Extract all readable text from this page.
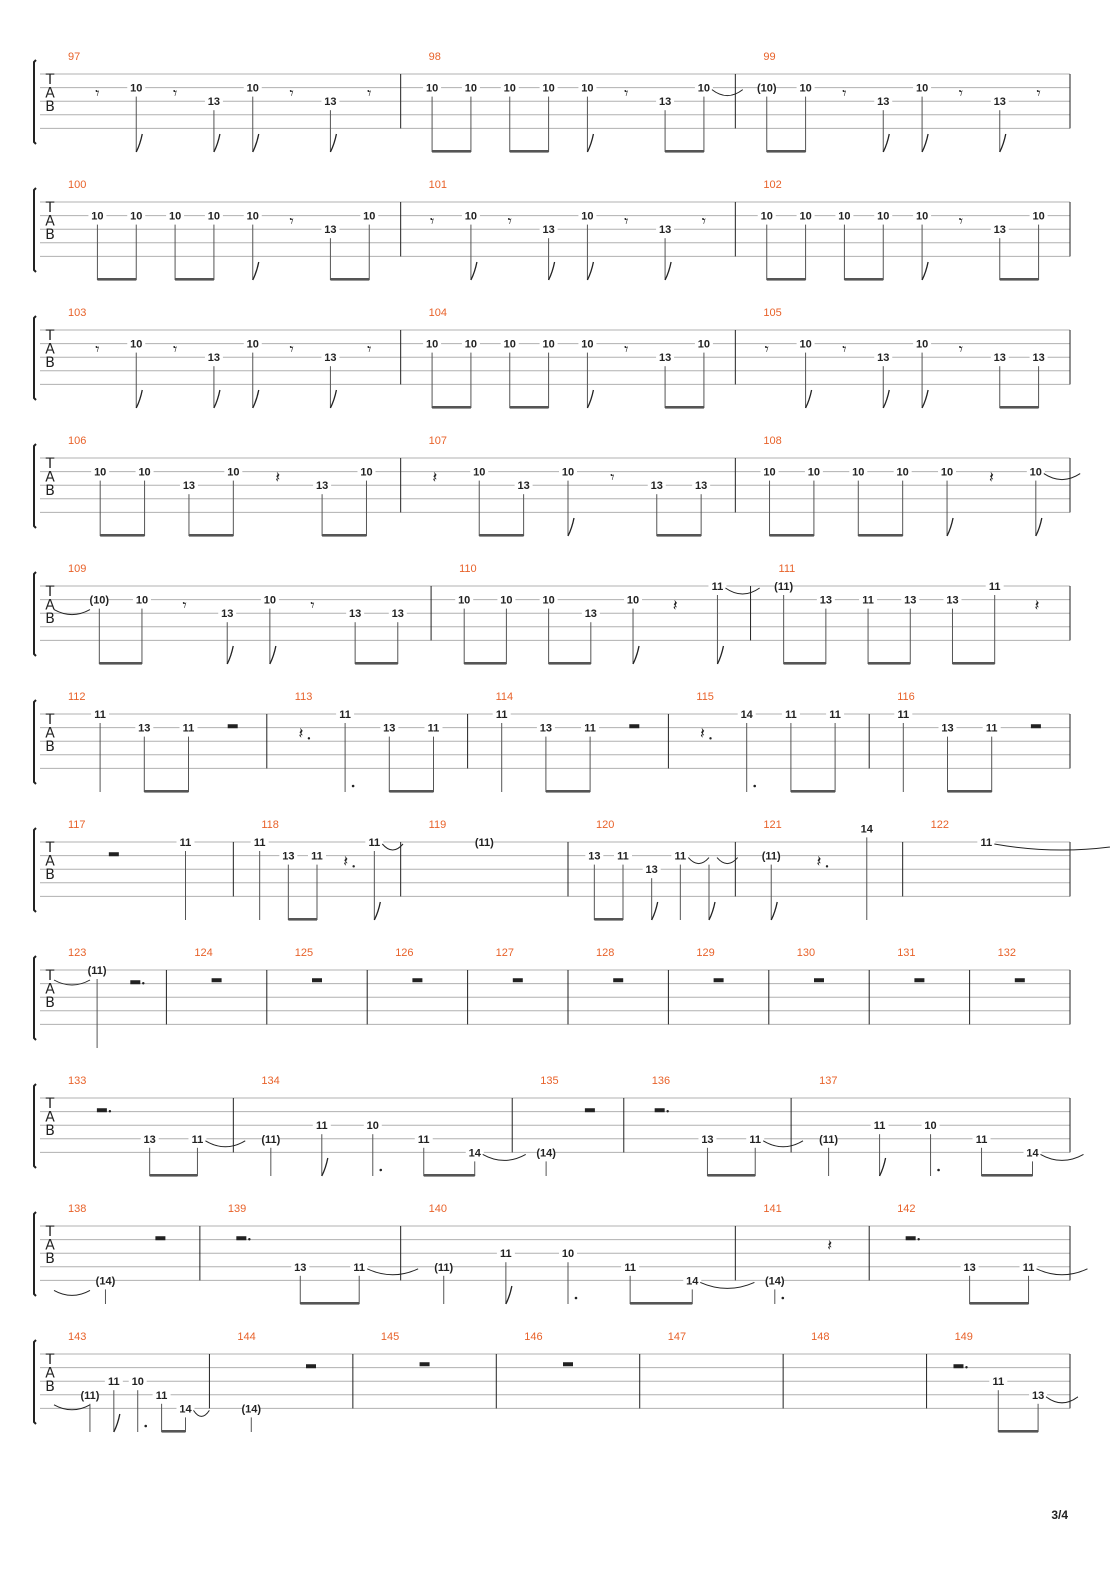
T
A
B
97
𝄾	10 𝄾	13
10 𝄾	13 𝄾
98
10 10 10 10 10 𝄾	13
10
99
(10) 10 𝄾	13
10 𝄾	13 𝄾
T
A
B
100
10 10 10 10 10 𝄾	13
10
101
𝄾	10 𝄾	13
10 𝄾	13 𝄾
102
10 10 10 10 10 𝄾	13
10
T
A
B
103
𝄾	10 𝄾	13
10 𝄾	13 𝄾
104
10 10 10 10 10 𝄾	13
10
105
𝄾	10 𝄾	13
10 𝄾	13 13
T
A
B
106
10	10
13
10 𝄽	13
10
107
𝄽	10
13
10 𝄾	13	13
108
10	10	10	10	10 𝄽	10
T
A
B
109
(10) 10 𝄾	13
10 𝄾	13	13
110
10	10	10
13
10 𝄽
11
111
(11)
13	11	13	13
11
𝄽
T
A
B
112
11
13	11
113
𝄽
11
13	11
114
11
13	11
115
𝄽
14	11	11
116
11
13	11
T
A
B
117
11
118
11
13 11 𝄽
11
119
(11)
120
13 11
13
11
121
(11) 𝄽
14	122
11
T
A
B
123
(11)
124	125	126	127	128	129	130	131	132
T
A
B
133
13	11
134
(11)
11	10
11
14
135
(14)
136
13	11
137
(11)
11	10
11
14
T
A
B
138
(14)
139
13	11
140
(11)
11	10
11
14
141
(14)
𝄽
142
13	11
T
A
B
143
(11)
11 10
11
14
144
(14)
145	146	147	148	149
11
13
3/4
